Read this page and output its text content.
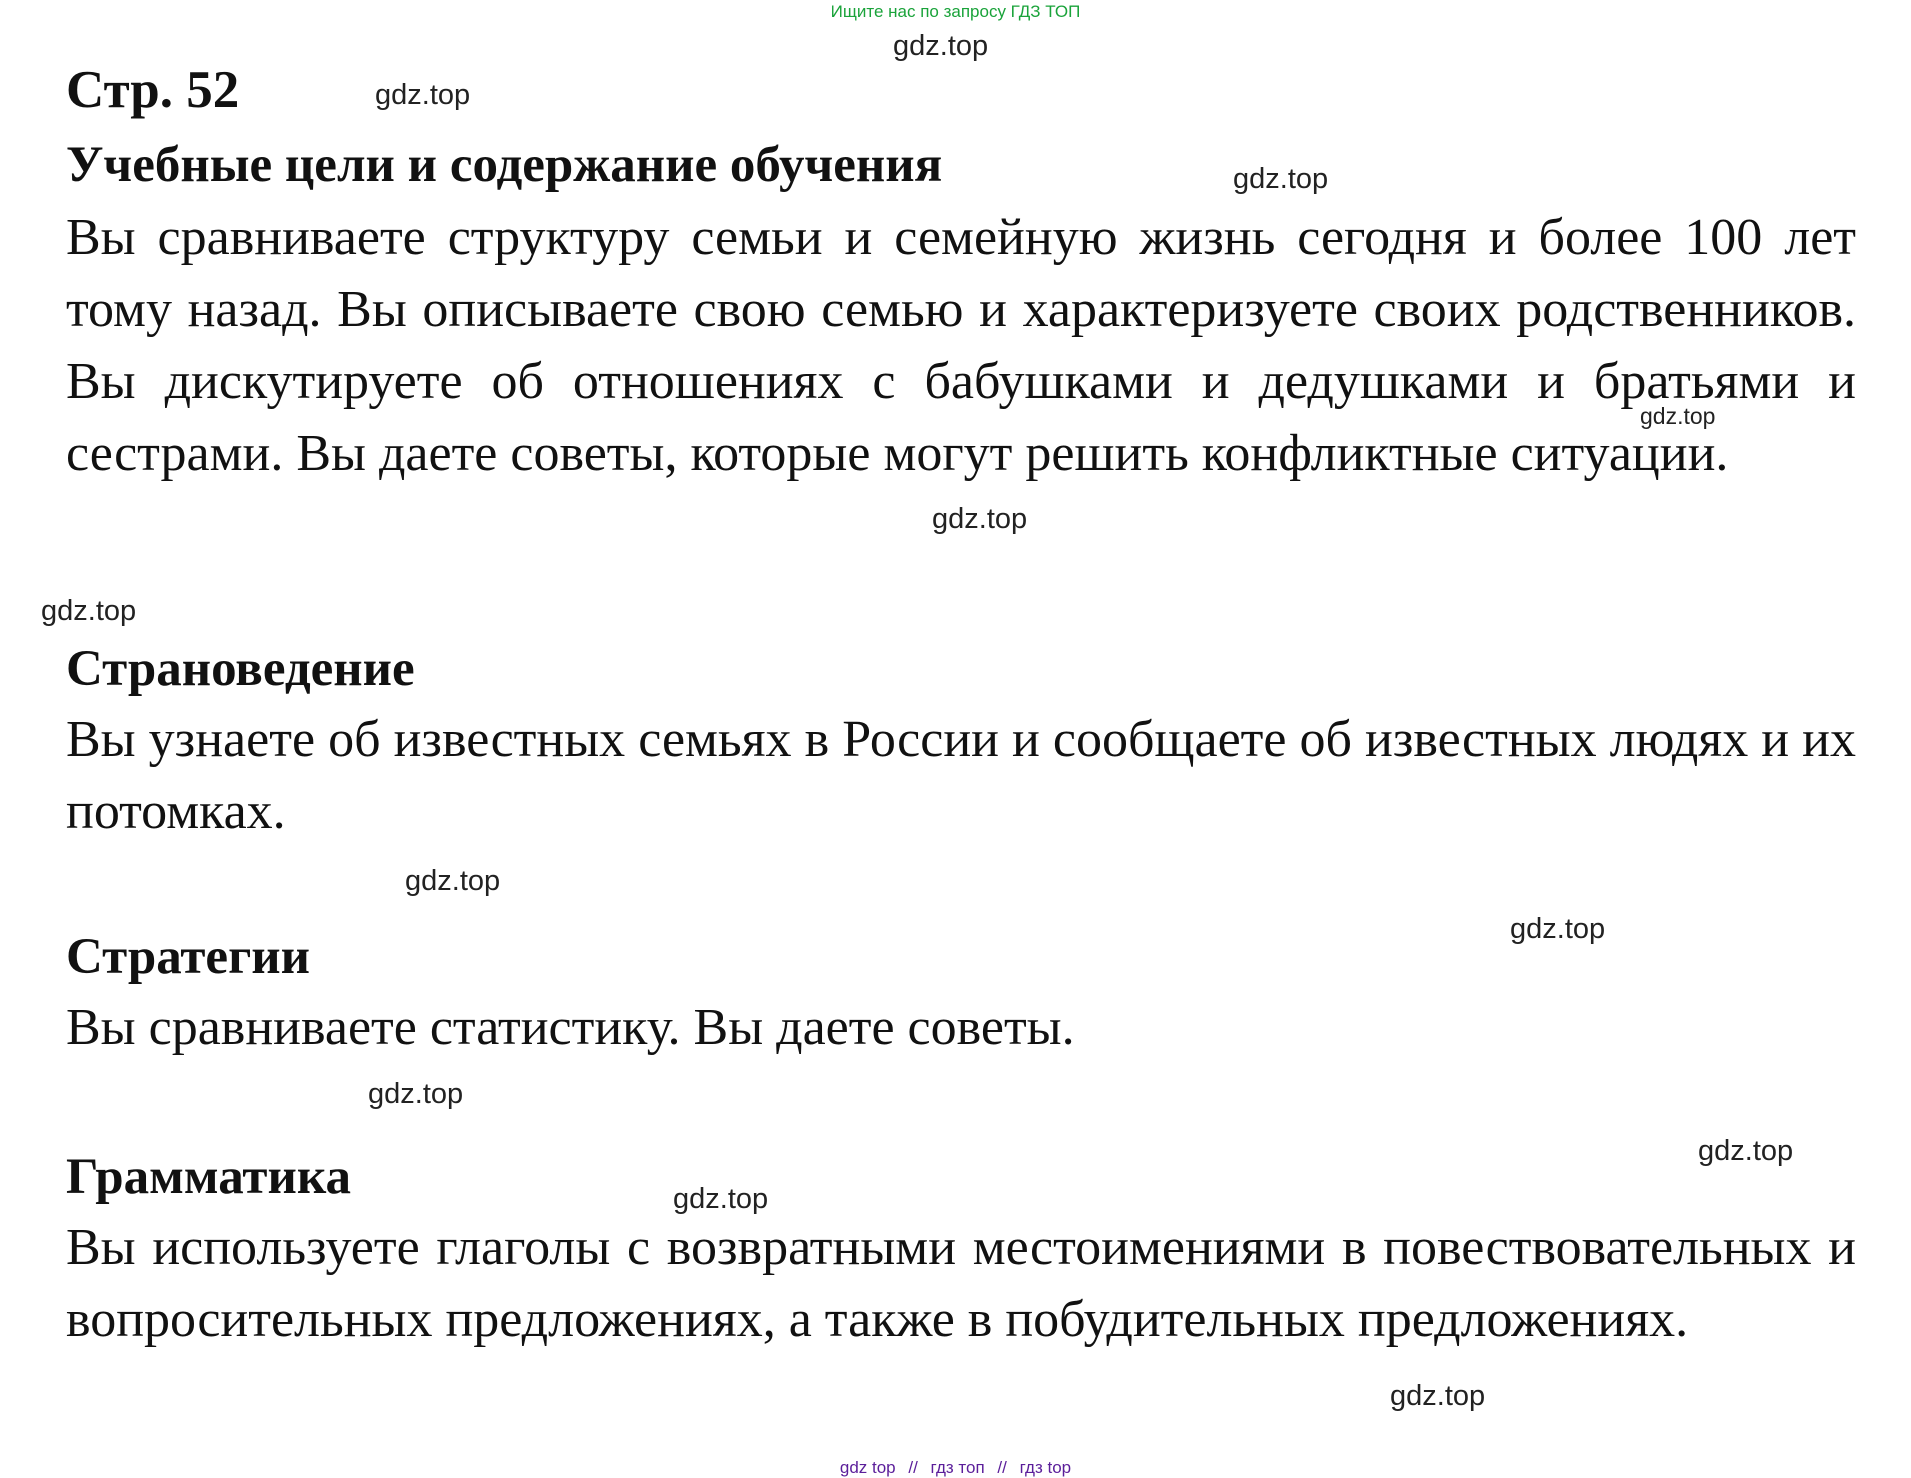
Ищите нас по запросу ГДЗ ТОП
Стр. 52
Учебные цели и содержание обучения
Вы сравниваете структуру семьи и семейную жизнь сегодня и более 100 лет тому назад. Вы описываете свою семью и характеризуете своих родственников. Вы дискутируете об отношениях с бабушками и дедушками и братьями и сестрами. Вы даете советы, которые могут решить конфликтные ситуации.
Страноведение
Вы узнаете об известных семьях в России и сообщаете об известных людях и их потомках.
Стратегии
Вы сравниваете статистику. Вы даете советы.
Грамматика
Вы используете глаголы с возвратными местоимениями в повествовательных и вопросительных предложениях, а также в побудительных предложениях.
gdz.top
gdz.top
gdz.top
gdz.top
gdz.top
gdz.top
gdz.top
gdz.top
gdz.top
gdz.top
gdz.top
gdz.top
gdz top // гдз топ // гдз top
